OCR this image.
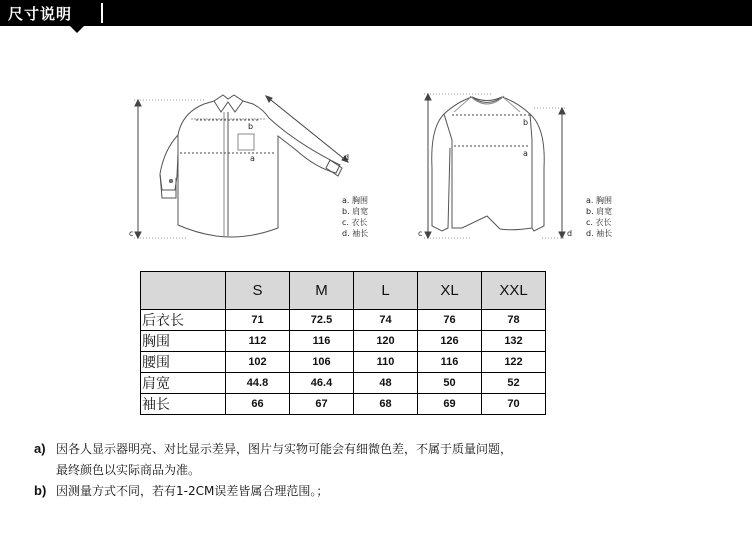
尺寸说明
b
a
c
d
a. 胸围
b. 肩宽
c. 衣长
d. 袖长
b
a
c	d
a. 胸围
b. 肩宽
c. 衣长
d. 袖长
	S	M	L	XL	XXL
后衣长	71	72.5	74	76	78
胸围	112	116	120	126	132
腰围	102	106	110	116	122
肩宽	44.8	46.4	48	50	52
袖长	66	67	68	69	70
a) 因各人显示器明亮、对比显示差异，图片与实物可能会有细微色差，不属于质量问题，
最终颜色以实际商品为准。
b) 因测量方式不同，若有1-2CM误差皆属合理范围。；
